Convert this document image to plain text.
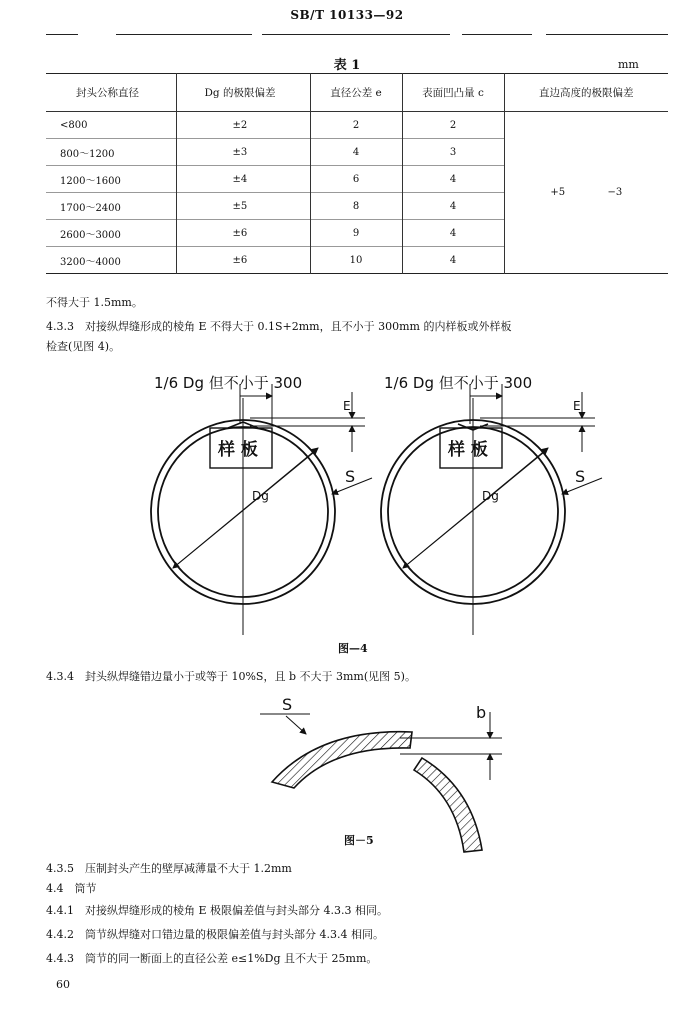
SB/T 10133—92
表 1	mm
封头公称直径	Dg 的极限偏差	直径公差 e	表面凹凸量 c	直边高度的极限偏差
<800	±2	2	2	+5 −3
800～1200	±3	4	3	
1200～1600	±4	6	4	
1700～2400	±5	8	4	
2600～3000	±6	9	4	
3200～4000	±6	10	4	
不得大于 1.5mm。
4.3.3　对接纵焊缝形成的棱角 E 不得大于 0.1S+2mm，且不小于 300mm 的内样板或外样板
检查(见图 4)。
1/6 Dg 但不小于 300
样 板
Dg
S
E
1/6 Dg 但不小于 300
样 板
Dg
S
E
图—4
4.3.4　封头纵焊缝错边量小于或等于 10%S，且 b 不大于 3mm(见图 5)。
S	b
图－5
4.3.5　压制封头产生的壁厚减薄量不大于 1.2mm
4.4　筒节
4.4.1　对接纵焊缝形成的棱角 E 极限偏差值与封头部分 4.3.3 相同。
4.4.2　筒节纵焊缝对口错边量的极限偏差值与封头部分 4.3.4 相同。
4.4.3　筒节的同一断面上的直径公差 e≤1%Dg 且不大于 25mm。
60
